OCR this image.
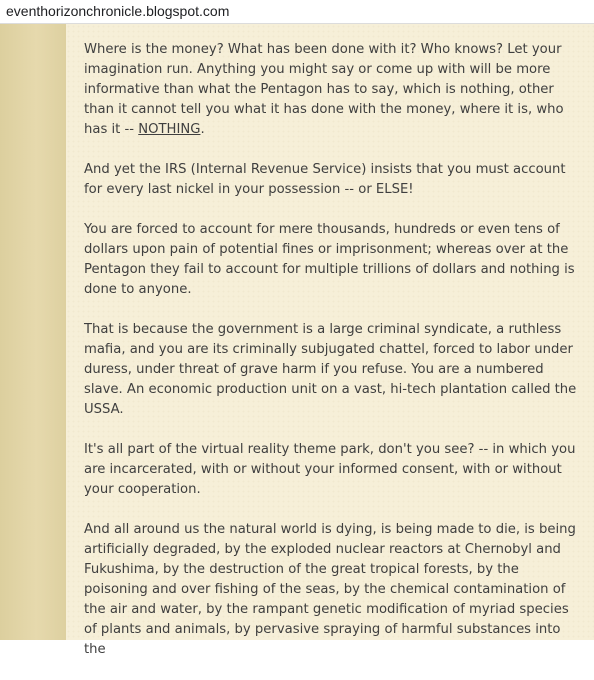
eventhorizonchronicle.blogspot.com

Where is the money? What has been done with it? Who knows? Let your imagination run. Anything you might say or come up with will be more informative than what the Pentagon has to say, which is nothing, other than it cannot tell you what it has done with the money, where it is, who has it -- NOTHING.

And yet the IRS (Internal Revenue Service) insists that you must account for every last nickel in your possession -- or ELSE!

You are forced to account for mere thousands, hundreds or even tens of dollars upon pain of potential fines or imprisonment; whereas over at the Pentagon they fail to account for multiple trillions of dollars and nothing is done to anyone.

That is because the government is a large criminal syndicate, a ruthless mafia, and you are its criminally subjugated chattel, forced to labor under duress, under threat of grave harm if you refuse. You are a numbered slave. An economic production unit on a vast, hi-tech plantation called the USSA.

It's all part of the virtual reality theme park, don't you see? -- in which you are incarcerated, with or without your informed consent, with or without your cooperation.

And all around us the natural world is dying, is being made to die, is being artificially degraded, by the exploded nuclear reactors at Chernobyl and Fukushima, by the destruction of the great tropical forests, by the poisoning and over fishing of the seas, by the chemical contamination of the air and water, by the rampant genetic modification of myriad species of plants and animals, by pervasive spraying of harmful substances into the
